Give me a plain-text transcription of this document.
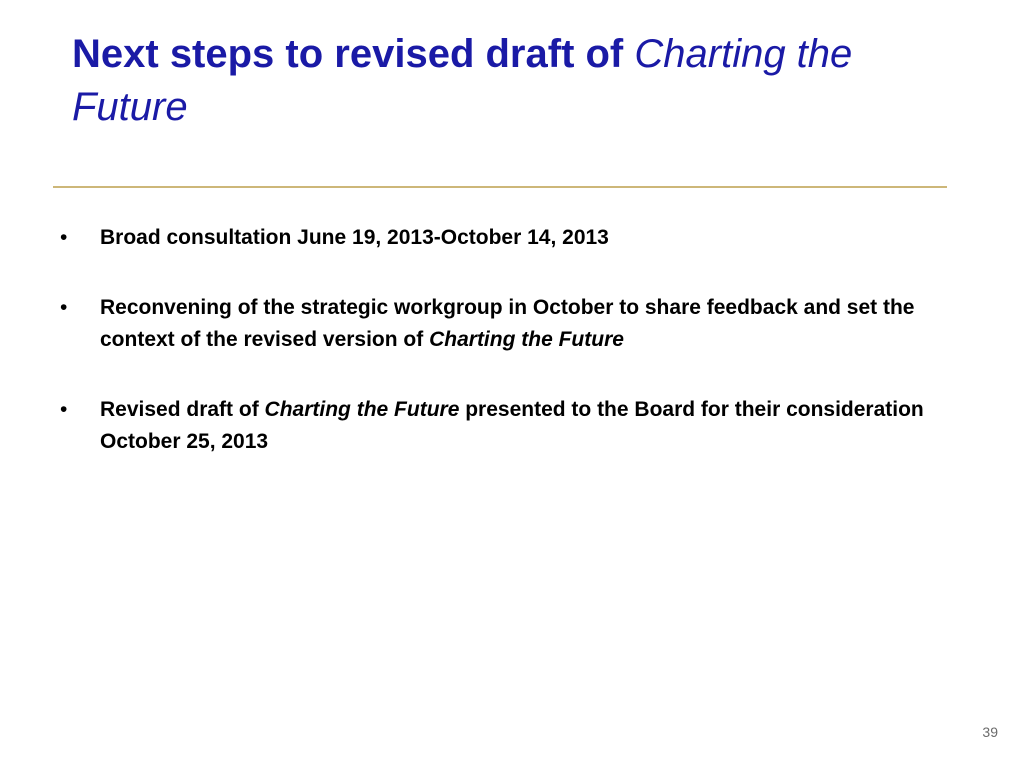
Next steps to revised draft of Charting the Future
• Broad consultation June 19, 2013-October 14, 2013
• Reconvening of the strategic workgroup in October to share feedback and set the context of the revised version of Charting the Future
• Revised draft of Charting the Future presented to the Board for their consideration October 25, 2013
39
